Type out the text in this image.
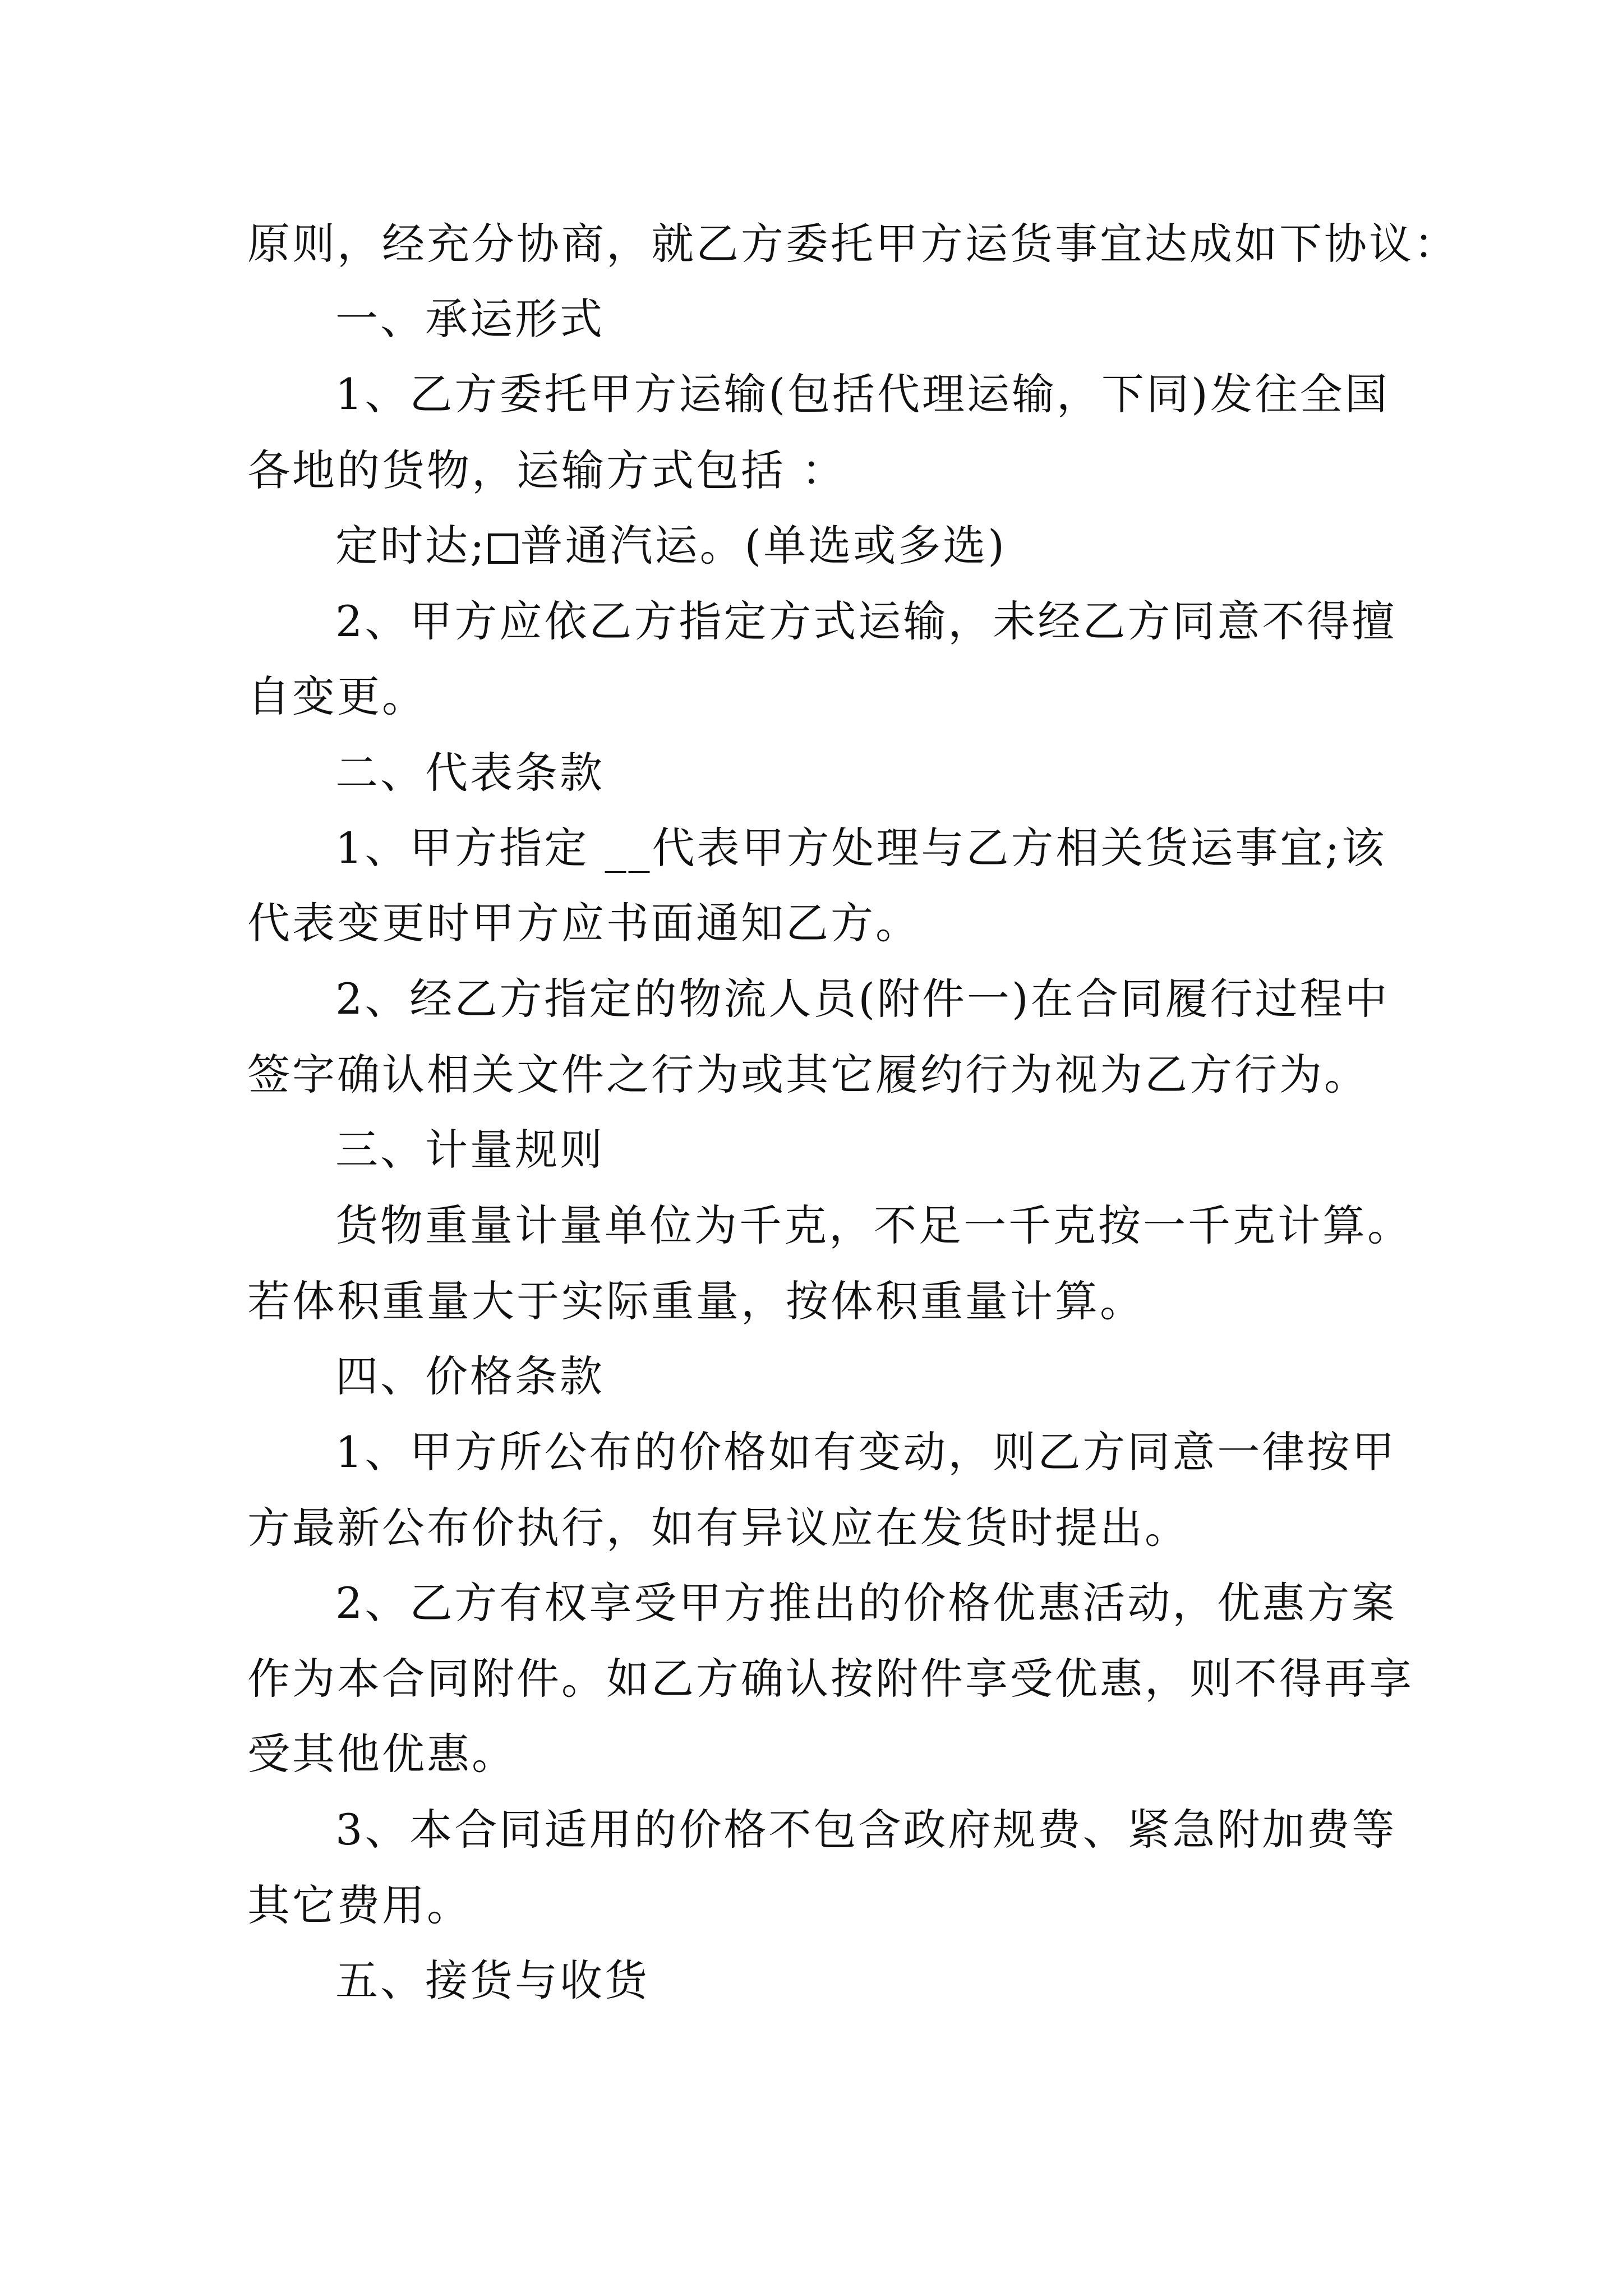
原则，经充分协商，就乙方委托甲方运货事宜达成如下协议：
一、承运形式
1、乙方委托甲方运输(包括代理运输，下同)发往全国
各地的货物，运输方式包括 ：
定时达; 普通汽运。(单选或多选)
2、甲方应依乙方指定方式运输，未经乙方同意不得擅
自变更。
二、代表条款
1、甲方指定 __代表甲方处理与乙方相关货运事宜;该
代表变更时甲方应书面通知乙方。
2、经乙方指定的物流人员(附件一)在合同履行过程中
签字确认相关文件之行为或其它履约行为视为乙方行为。
三、计量规则
货物重量计量单位为千克，不足一千克按一千克计算。
若体积重量大于实际重量，按体积重量计算。
四、价格条款
1、甲方所公布的价格如有变动，则乙方同意一律按甲
方最新公布价执行，如有异议应在发货时提出。
2、乙方有权享受甲方推出的价格优惠活动，优惠方案
作为本合同附件。如乙方确认按附件享受优惠，则不得再享
受其他优惠。
3、本合同适用的价格不包含政府规费、紧急附加费等
其它费用。
五、接货与收货
